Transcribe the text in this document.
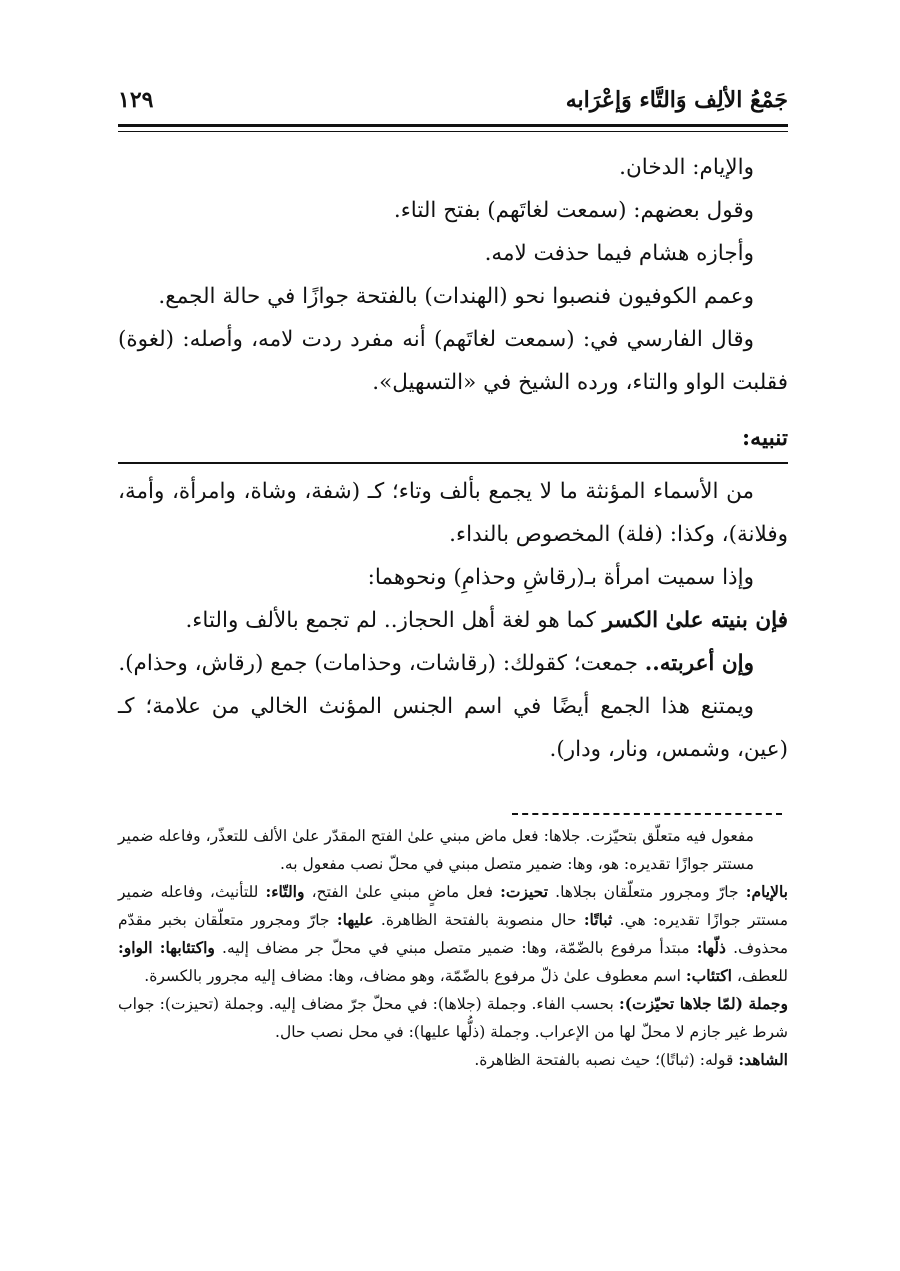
جَمْعُ الألِف وَالتَّاء وَإعْرَابه
١٢٩

والإيام: الدخان.

وقول بعضهم: (سمعت لغاتَهم) بفتح التاء.

وأجازه هشام فيما حذفت لامه.

وعمم الكوفيون فنصبوا نحو (الهندات) بالفتحة جوازًا في حالة الجمع.

وقال الفارسي في: (سمعت لغاتَهم) أنه مفرد ردت لامه، وأصله: (لغوة) فقلبت الواو والتاء، ورده الشيخ في «التسهيل».

تنبيه:

من الأسماء المؤنثة ما لا يجمع بألف وتاء؛ كـ (شفة، وشاة، وامرأة، وأمة، وفلانة)، وكذا: (فلة) المخصوص بالنداء.

وإذا سميت امرأة بـ(رقاشِ وحذامِ) ونحوهما:

فإن بنيته علىٰ الكسر كما هو لغة أهل الحجاز.. لم تجمع بالألف والتاء.

وإن أعربته.. جمعت؛ كقولك: (رقاشات، وحذامات) جمع (رقاش، وحذام).

ويمتنع هذا الجمع أيضًا في اسم الجنس المؤنث الخالي من علامة؛ كـ (عين، وشمس، ونار، ودار).

مفعول فيه متعلّق بتحيّزت. جلاها: فعل ماض مبني علىٰ الفتح المقدّر علىٰ الألف للتعذّر، وفاعله ضمير مستتر جوازًا تقديره: هو، وها: ضمير متصل مبني في محلّ نصب مفعول به.

بالإيام: جارّ ومجرور متعلّقان بجلاها. تحيزت: فعل ماضٍ مبني علىٰ الفتح، والتّاء: للتأنيث، وفاعله ضمير مستتر جوازًا تقديره: هي. ثباتًا: حال منصوبة بالفتحة الظاهرة. عليها: جارّ ومجرور متعلّقان بخبر مقدّم محذوف. ذلّها: مبتدأ مرفوع بالضّمّة، وها: ضمير متصل مبني في محلّ جر مضاف إليه. واكتئابها: الواو: للعطف، اكتئاب: اسم معطوف علىٰ ذلّ مرفوع بالضّمّة، وهو مضاف، وها: مضاف إليه مجرور بالكسرة.

وجملة (لمّا جلاها تحيّزت): بحسب الفاء. وجملة (جلاها): في محلّ جرّ مضاف إليه. وجملة (تحيزت): جواب شرط غير جازم لا محلّ لها من الإعراب. وجملة (ذلُّها عليها): في محل نصب حال.

الشاهد: قوله: (ثباتًا)؛ حيث نصبه بالفتحة الظاهرة.
